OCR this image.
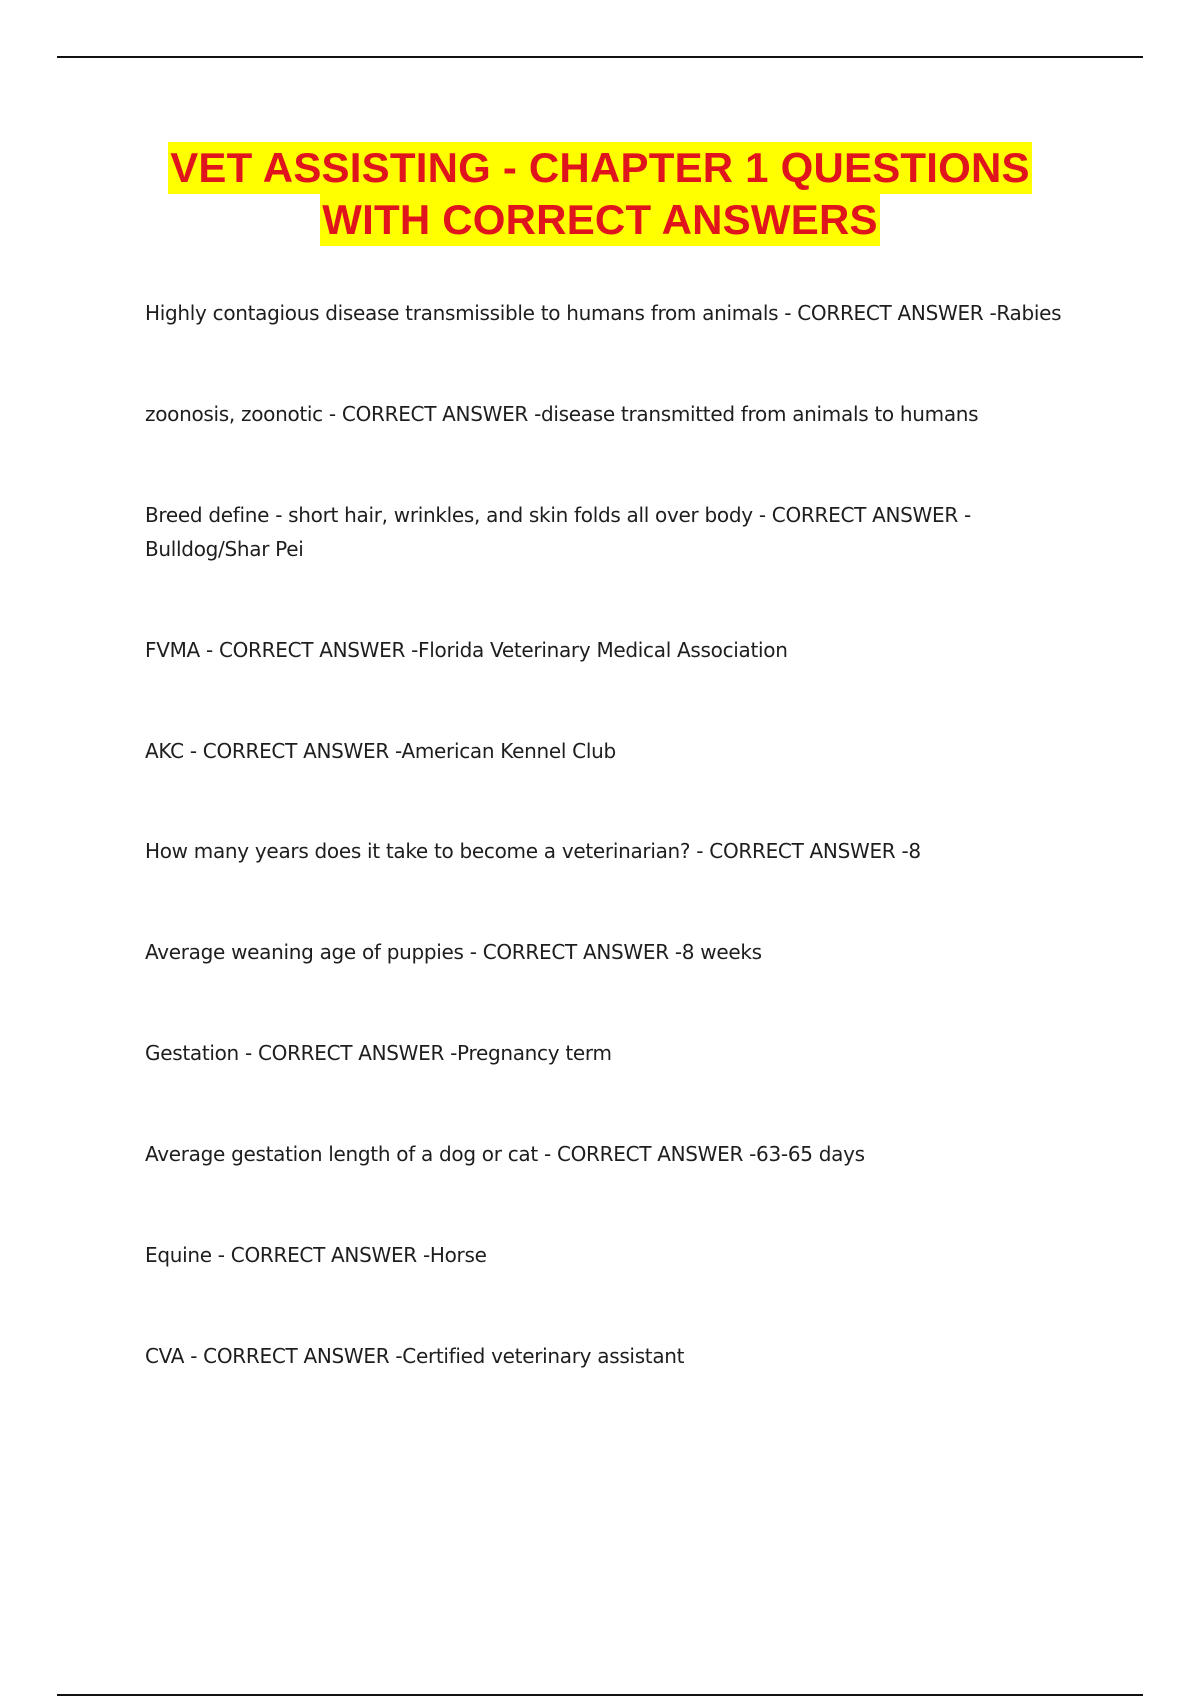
VET ASSISTING - CHAPTER 1 QUESTIONS
WITH CORRECT ANSWERS
Highly contagious disease transmissible to humans from animals - CORRECT ANSWER -Rabies
zoonosis, zoonotic - CORRECT ANSWER -disease transmitted from animals to humans
Breed define - short hair, wrinkles, and skin folds all over body - CORRECT ANSWER - Bulldog/Shar Pei
FVMA - CORRECT ANSWER -Florida Veterinary Medical Association
AKC - CORRECT ANSWER -American Kennel Club
How many years does it take to become a veterinarian? - CORRECT ANSWER -8
Average weaning age of puppies - CORRECT ANSWER -8 weeks
Gestation - CORRECT ANSWER -Pregnancy term
Average gestation length of a dog or cat - CORRECT ANSWER -63-65 days
Equine - CORRECT ANSWER -Horse
CVA - CORRECT ANSWER -Certified veterinary assistant
